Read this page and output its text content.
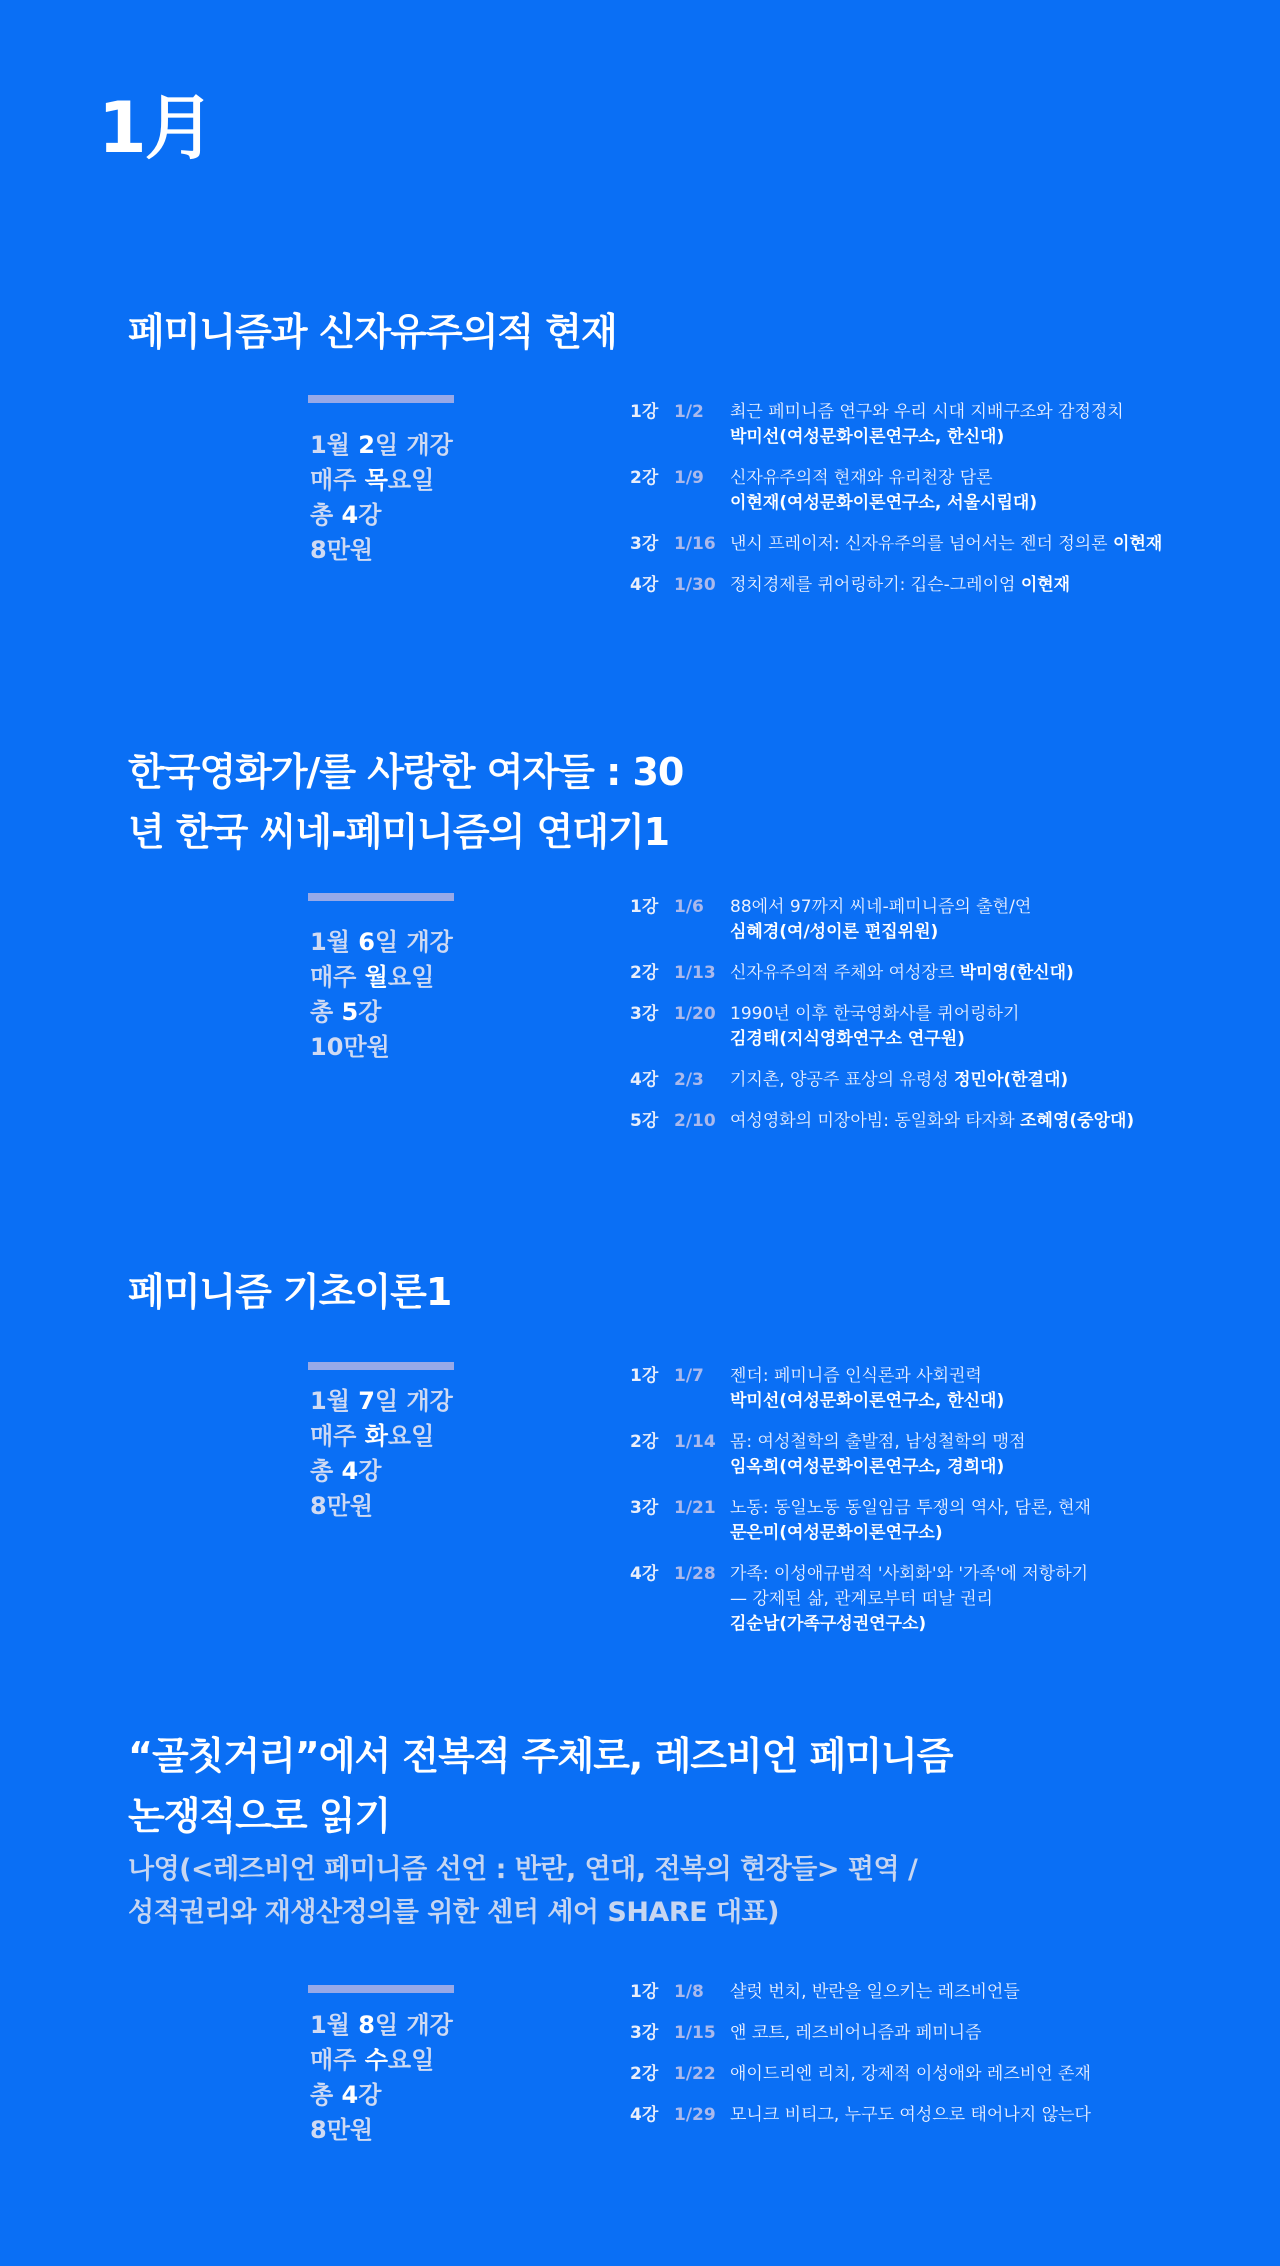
1月
페미니즘과 신자유주의적 현재
1월 2일 개강
매주 목요일
총 4강
8만원
1강 1/2	최근 페미니즘 연구와 우리 시대 지배구조와 감정정치
박미선(여성문화이론연구소, 한신대)
2강 1/9	신자유주의적 현재와 유리천장 담론
이현재(여성문화이론연구소, 서울시립대)
3강 1/16 낸시 프레이저: 신자유주의를 넘어서는 젠더 정의론 이현재
4강 1/30 정치경제를 퀴어링하기: 깁슨-그레이엄 이현재
한국영화가/를 사랑한 여자들 : 30
년 한국 씨네-페미니즘의 연대기1
1월 6일 개강
매주 월요일
총 5강
10만원
1강 1/6	88에서 97까지 씨네-페미니즘의 출현/연
심혜경(여/성이론 편집위원)
2강 1/13 신자유주의적 주체와 여성장르 박미영(한신대)
3강 1/20 1990년 이후 한국영화사를 퀴어링하기
김경태(지식영화연구소 연구원)
4강 2/3	기지촌, 양공주 표상의 유령성 정민아(한결대)
5강 2/10 여성영화의 미장아빔: 동일화와 타자화 조혜영(중앙대)
페미니즘 기초이론1
1월 7일 개강
매주 화요일
총 4강
8만원
1강 1/7	젠더: 페미니즘 인식론과 사회권력
박미선(여성문화이론연구소, 한신대)
2강 1/14 몸: 여성철학의 출발점, 남성철학의 맹점
임옥희(여성문화이론연구소, 경희대)
3강 1/21 노동: 동일노동 동일임금 투쟁의 역사, 담론, 현재
문은미(여성문화이론연구소)
4강 1/28 가족: 이성애규범적 '사회화'와 '가족'에 저항하기
— 강제된 삶, 관계로부터 떠날 권리
김순남(가족구성권연구소)
“골칫거리”에서 전복적 주체로, 레즈비언 페미니즘
논쟁적으로 읽기
나영(<레즈비언 페미니즘 선언 : 반란, 연대, 전복의 현장들> 편역 /
성적권리와 재생산정의를 위한 센터 셰어 SHARE 대표)
1월 8일 개강
매주 수요일
총 4강
8만원
1강 1/8	샬럿 번치, 반란을 일으키는 레즈비언들
3강 1/15 앤 코트, 레즈비어니즘과 페미니즘
2강 1/22 애이드리엔 리치, 강제적 이성애와 레즈비언 존재
4강 1/29 모니크 비티그, 누구도 여성으로 태어나지 않는다
